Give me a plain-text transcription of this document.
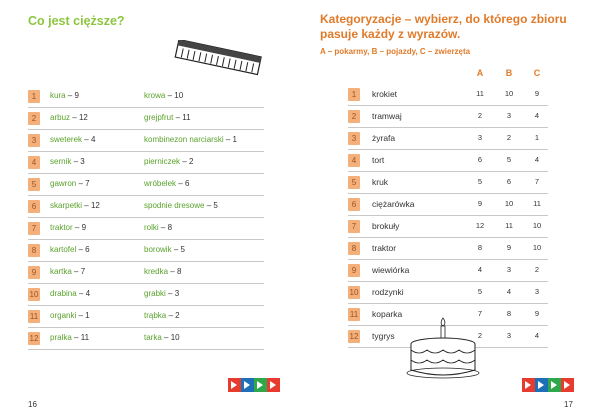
Co jest cięższe?
1	kura – 9	krowa – 10
2	arbuz – 12	grejpfrut – 11
3	sweterek – 4	kombinezon narciarski – 1
4	sernik – 3	pierniczek – 2
5	gawron – 7	wróbelek – 6
6	skarpetki – 12	spodnie dresowe – 5
7	traktor – 9	rolki – 8
8	kartofel – 6	borowik – 5
9	kartka – 7	kredka – 8
10 drabina – 4	grabki – 3
11 organki – 1	trąbka – 2
12 pralka – 11	tarka – 10
16
Kategoryzacje – wybierz, do którego zbioru pasuje każdy z wyrazów.
A – pokarmy, B – pojazdy, C – zwierzęta
A	B	C
1	krokiet	11	10	9
2	tramwaj	2	3	4
3	żyrafa	3	2	1
4	tort	6	5	4
5	kruk	5	6	7
6	ciężarówka	9	10	11
7	brokuły	12	11	10
8	traktor	8	9	10
9	wiewiórka	4	3	2
10 rodzynki	5	4	3
11 koparka	7	8	9
12 tygrys	2	3	4
17
